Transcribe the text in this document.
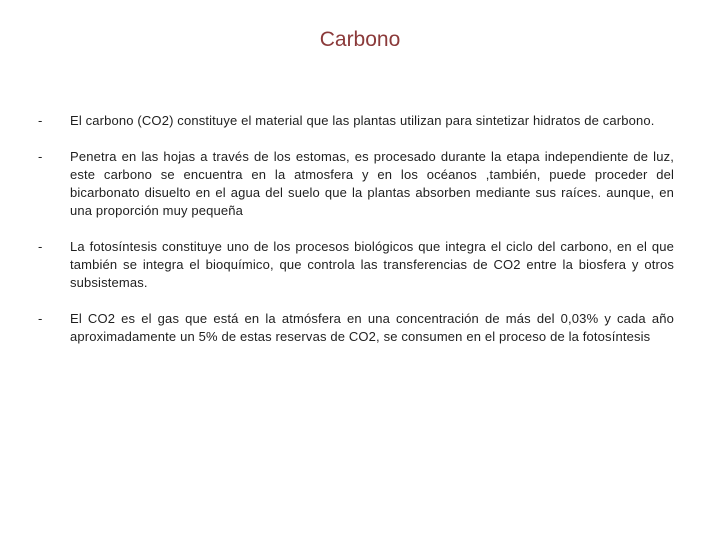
Carbono
-	El carbono (CO2) constituye el material que las plantas utilizan para sintetizar hidratos de carbono.
-	Penetra en las hojas a través de los estomas, es procesado durante la etapa independiente de luz, este carbono se encuentra en la atmosfera y en los océanos ,también, puede proceder del bicarbonato disuelto en el agua del suelo que la plantas absorben mediante sus raíces. aunque, en una proporción muy pequeña
-	La fotosíntesis constituye uno de los procesos biológicos que integra el ciclo del carbono, en el que también se integra el bioquímico, que controla las transferencias de CO2 entre la biosfera y otros subsistemas.
-	El CO2 es el gas que está en la atmósfera en una concentración de más del 0,03% y cada año aproximadamente un 5% de estas reservas de CO2, se consumen en el proceso de la fotosíntesis
